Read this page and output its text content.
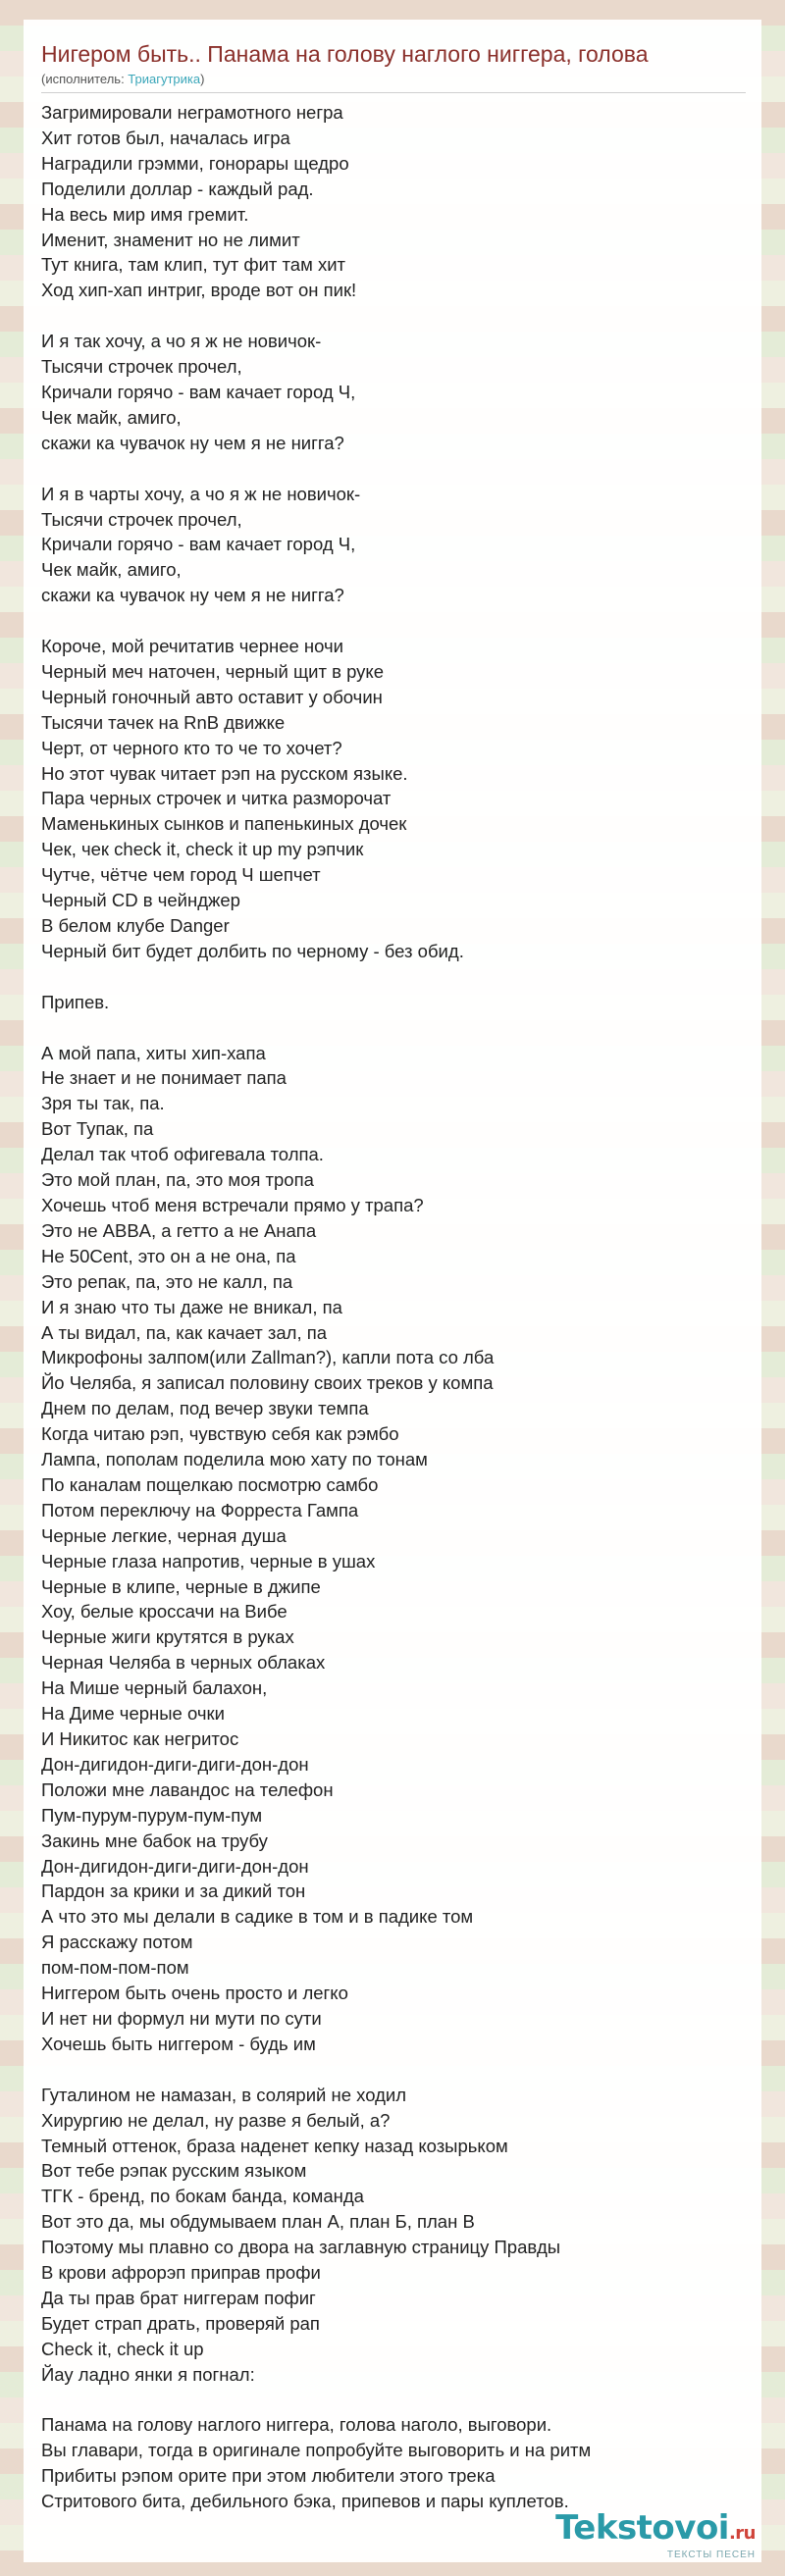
Нигером быть.. Панама на голову наглого ниггера, голова
(исполнитель: Триагутрика)
Загримировали неграмотного негра
Хит готов был, началась игра
Наградили грэмми, гонорары щедро
Поделили доллар - каждый рад.
На весь мир имя гремит.
Именит, знаменит но не лимит
Тут книга, там клип, тут фит там хит
Ход хип-хап интриг, вроде вот он пик!

И я так хочу, а чо я ж не новичок-
Тысячи строчек прочел,
Кричали горячо - вам качает город Ч,
Чек майк, амиго,
скажи ка чувачок ну чем я не нигга?

И я в чарты хочу, а чо я ж не новичок-
Тысячи строчек прочел,
Кричали горячо - вам качает город Ч,
Чек майк, амиго,
скажи ка чувачок ну чем я не нигга?

Короче, мой речитатив чернее ночи
Черный меч наточен, черный щит в руке
Черный гоночный авто оставит у обочин
Тысячи тачек на RnB движке
Черт, от черного кто то че то хочет?
Но этот чувак читает рэп на русском языке.
Пара черных строчек и читка разморочат
Маменькиных сынков и папенькиных дочек
Чек, чек check it, check it up my рэпчик
Чутче, чётче чем город Ч шепчет
Черный CD в чейнджер
В белом клубе Danger
Черный бит будет долбить по черному - без обид.

Припев.

А мой папа, хиты хип-хапа
Не знает и не понимает папа
Зря ты так, па.
Вот Тупак, па
Делал так чтоб офигевала толпа.
Это мой план, па, это моя тропа
Хочешь чтоб меня встречали прямо у трапа?
Это не ABBA, а гетто а не Анапа
Не 50Cent, это он а не она, па
Это репак, па, это не калл, па
И я знаю что ты даже не вникал, па
А ты видал, па, как качает зал, па
Микрофоны залпом(или Zallman?), капли пота со лба
Йо Челяба, я записал половину своих треков у компа
Днем по делам, под вечер звуки темпа
Когда читаю рэп, чувствую себя как рэмбо
Лампа, пополам поделила мою хату по тонам
По каналам пощелкаю посмотрю самбо
Потом переключу на Форреста Гампа
Черные легкие, черная душа
Черные глаза напротив, черные в ушах
Черные в клипе, черные в джипе
Хоу, белые кроссачи на Вибе
Черные жиги крутятся в руках
Черная Челяба в черных облаках
На Мише черный балахон,
На Диме черные очки
И Никитос как негритос
Дон-дигидон-диги-диги-дон-дон
Положи мне лавандос на телефон
Пум-пурум-пурум-пум-пум
Закинь мне бабок на трубу
Дон-дигидон-диги-диги-дон-дон
Пардон за крики и за дикий тон
А что это мы делали в садике в том и в падике том
Я расскажу потом
пом-пом-пом-пом
Ниггером быть очень просто и легко
И нет ни формул ни мути по сути
Хочешь быть ниггером - будь им

Гуталином не намазан, в солярий не ходил
Хирургию не делал, ну разве я белый, а?
Темный оттенок, браза наденет кепку назад козырьком
Вот тебе рэпак русским языком
ТГК - бренд, по бокам банда, команда
Вот это да, мы обдумываем план А, план Б, план В
Поэтому мы плавно со двора на заглавную страницу Правды
В крови афрорэп приправ профи
Да ты прав брат ниггерам пофиг
Будет страп драть, проверяй рап
Check it, check it up
Йау ладно янки я погнал:

Панама на голову наглого ниггера, голова наголо, выговори.
Вы главари, тогда в оригинале попробуйте выговорить и на ритм
Прибиты рэпом орите при этом любители этого трека
Стритового бита, дебильного бэка, припевов и пары куплетов.
Tekstovoi.ru
ТЕКСТЫ ПЕСЕН
